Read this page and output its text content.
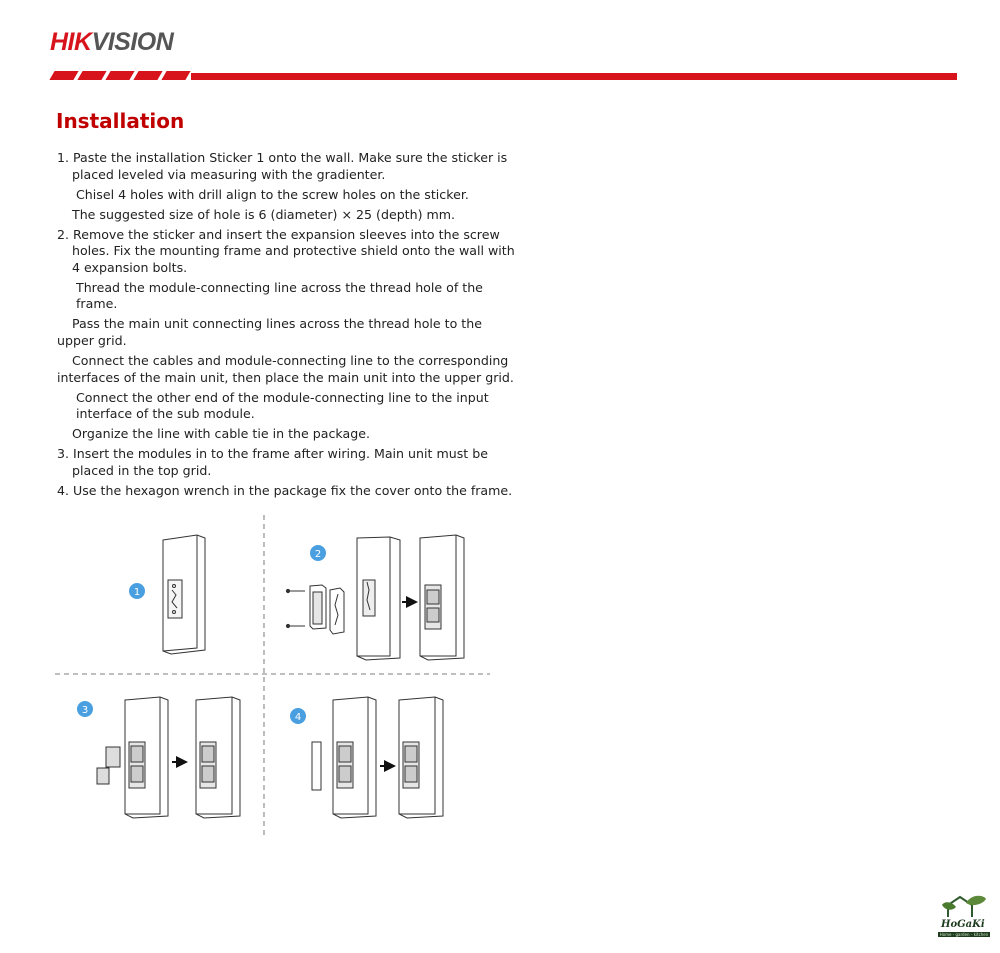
HIKVISION
Installation

1. Paste the installation Sticker 1 onto the wall. Make sure the sticker is placed leveled via measuring with the gradienter.

Chisel 4 holes with drill align to the screw holes on the sticker.

The suggested size of hole is 6 (diameter) × 25 (depth) mm.

2. Remove the sticker and insert the expansion sleeves into the screw holes. Fix the mounting frame and protective shield onto the wall with 4 expansion bolts.

Thread the module-connecting line across the thread hole of the frame.

Pass the main unit connecting lines across the thread hole to the upper grid.

Connect the cables and module-connecting line to the corresponding interfaces of the main unit, then place the main unit into the upper grid.

Connect the other end of the module-connecting line to the input interface of the sub module.

Organize the line with cable tie in the package.

3. Insert the modules in to the frame after wiring. Main unit must be placed in the top grid.

4. Use the hexagon wrench in the package fix the cover onto the frame.

1
2
3
4
HoGaKi
Home - garden - kitchen
